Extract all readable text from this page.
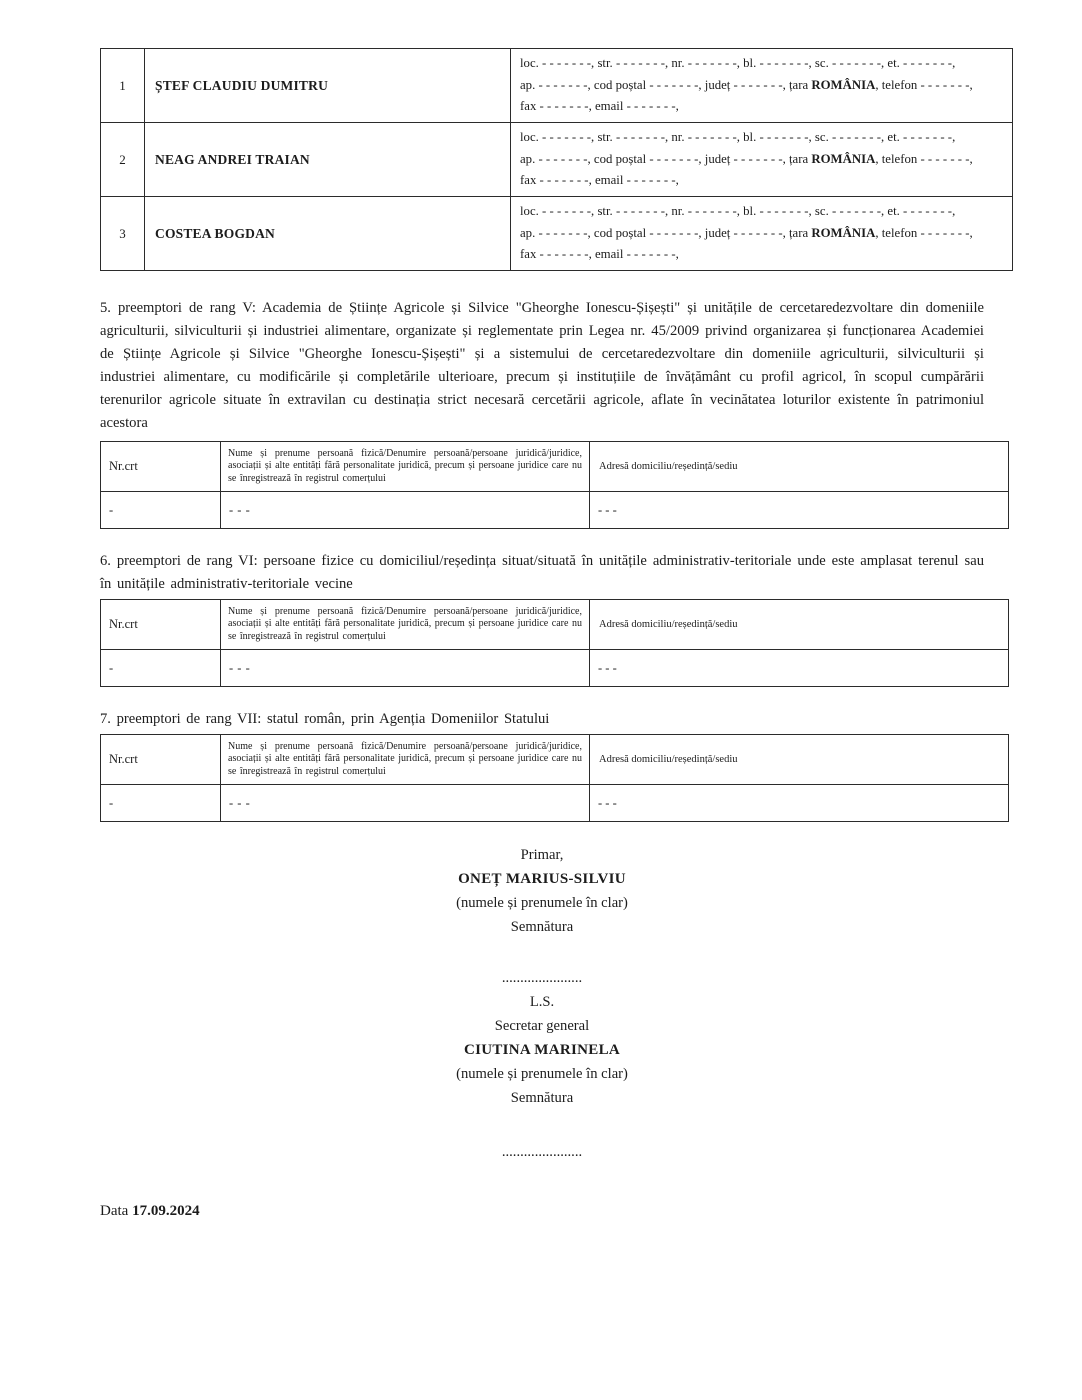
1	ȘTEF CLAUDIU DUMITRU	loc. - - - - - - -, str. - - - - - - -, nr. - - - - - - -, bl. - - - - - - -, sc. - - - - - - -, et. - - - - - - -,
ap. - - - - - - -, cod poștal - - - - - - -, județ - - - - - - -, țara ROMÂNIA, telefon - - - - - - -,
fax - - - - - - -, email - - - - - - -,

2	NEAG ANDREI TRAIAN	loc. - - - - - - -, str. - - - - - - -, nr. - - - - - - -, bl. - - - - - - -, sc. - - - - - - -, et. - - - - - - -,
ap. - - - - - - -, cod poștal - - - - - - -, județ - - - - - - -, țara ROMÂNIA, telefon - - - - - - -,
fax - - - - - - -, email - - - - - - -,

3	COSTEA BOGDAN	loc. - - - - - - -, str. - - - - - - -, nr. - - - - - - -, bl. - - - - - - -, sc. - - - - - - -, et. - - - - - - -,
ap. - - - - - - -, cod poștal - - - - - - -, județ - - - - - - -, țara ROMÂNIA, telefon - - - - - - -,
fax - - - - - - -, email - - - - - - -,
5. preemptori de rang V: Academia de Științe Agricole și Silvice "Gheorghe Ionescu-Șișești" și unitățile de cercetaredezvoltare din domeniile agriculturii, silviculturii și industriei alimentare, organizate și reglementate prin Legea nr. 45/2009 privind organizarea și funcționarea Academiei de Științe Agricole și Silvice "Gheorghe Ionescu-Șișești" și a sistemului de cercetaredezvoltare din domeniile agriculturii, silviculturii și industriei alimentare, cu modificările și completările ulterioare, precum și instituțiile de învățământ cu profil agricol, în scopul cumpărării terenurilor agricole situate în extravilan cu destinația strict necesară cercetării agricole, aflate în vecinătatea loturilor existente în patrimoniul acestora
Nr.crt	Nume și prenume persoană fizică/Denumire persoană/persoane juridică/juridice, asociații și alte entități fără personalitate juridică, precum și persoane juridice care nu se înregistrează în registrul comerțului	Adresă domiciliu/reședință/sediu
-	- - -	- - -
6. preemptori de rang VI: persoane fizice cu domiciliul/reședința situat/situată în unitățile administrativ-teritoriale unde este amplasat terenul sau în unitățile administrativ-teritoriale vecine
Nr.crt	Nume și prenume persoană fizică/Denumire persoană/persoane juridică/juridice, asociații și alte entități fără personalitate juridică, precum și persoane juridice care nu se înregistrează în registrul comerțului	Adresă domiciliu/reședință/sediu
-	- - -	- - -
7. preemptori de rang VII: statul român, prin Agenția Domeniilor Statului
Nr.crt	Nume și prenume persoană fizică/Denumire persoană/persoane juridică/juridice, asociații și alte entități fără personalitate juridică, precum și persoane juridice care nu se înregistrează în registrul comerțului	Adresă domiciliu/reședință/sediu
-	- - -	- - -
Primar,
ONEȚ MARIUS-SILVIU
(numele și prenumele în clar)
Semnătura
......................
L.S.
Secretar general
CIUTINA MARINELA
(numele și prenumele în clar)
Semnătura
......................
Data 17.09.2024
